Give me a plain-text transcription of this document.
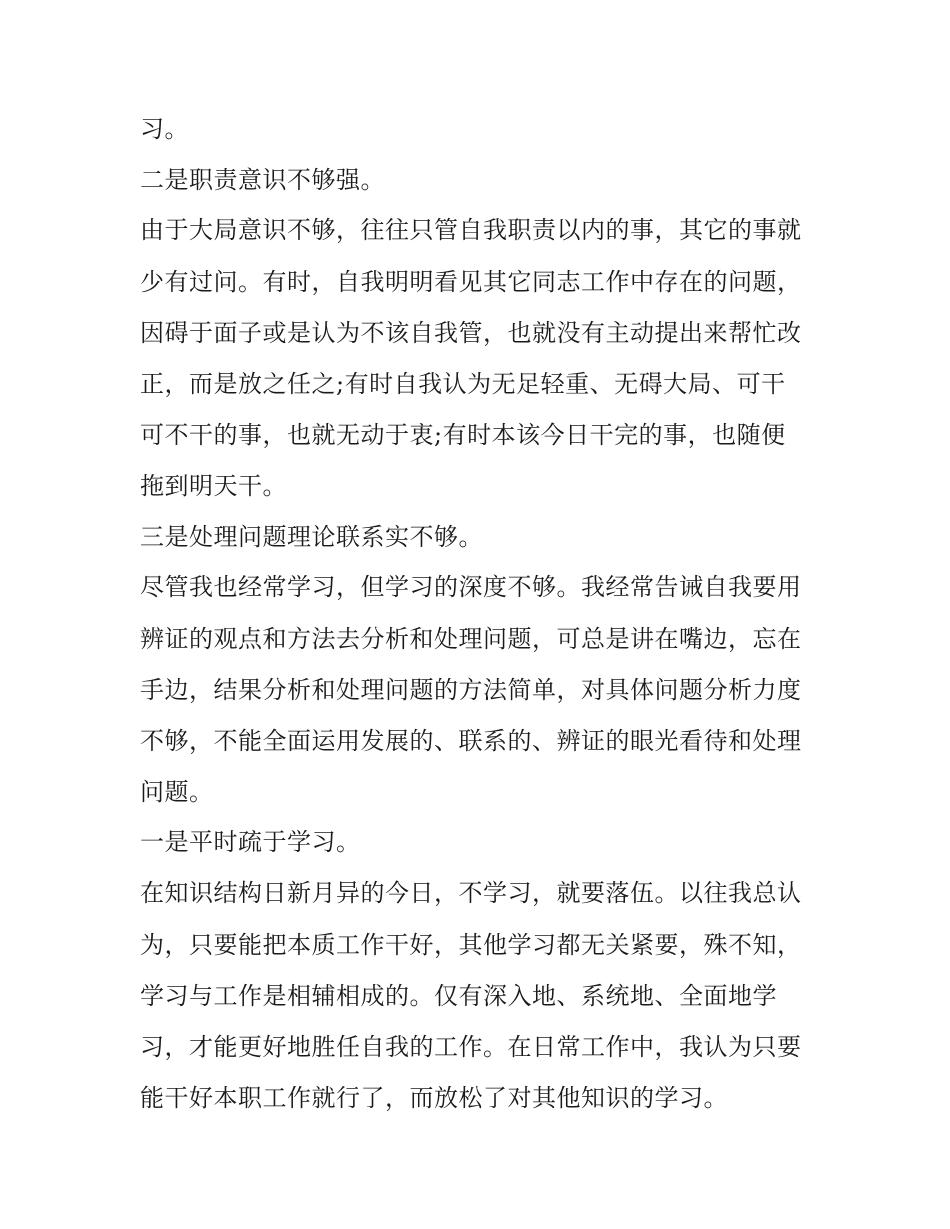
习。
二是职责意识不够强。
由于大局意识不够，往往只管自我职责以内的事，其它的事就
少有过问。有时，自我明明看见其它同志工作中存在的问题，
因碍于面子或是认为不该自我管，也就没有主动提出来帮忙改
正，而是放之任之;有时自我认为无足轻重、无碍大局、可干
可不干的事，也就无动于衷;有时本该今日干完的事，也随便
拖到明天干。
三是处理问题理论联系实不够。
尽管我也经常学习，但学习的深度不够。我经常告诫自我要用
辨证的观点和方法去分析和处理问题，可总是讲在嘴边，忘在
手边，结果分析和处理问题的方法简单，对具体问题分析力度
不够，不能全面运用发展的、联系的、辨证的眼光看待和处理
问题。
一是平时疏于学习。
在知识结构日新月异的今日，不学习，就要落伍。以往我总认
为，只要能把本质工作干好，其他学习都无关紧要，殊不知，
学习与工作是相辅相成的。仅有深入地、系统地、全面地学
习，才能更好地胜任自我的工作。在日常工作中，我认为只要
能干好本职工作就行了，而放松了对其他知识的学习。
